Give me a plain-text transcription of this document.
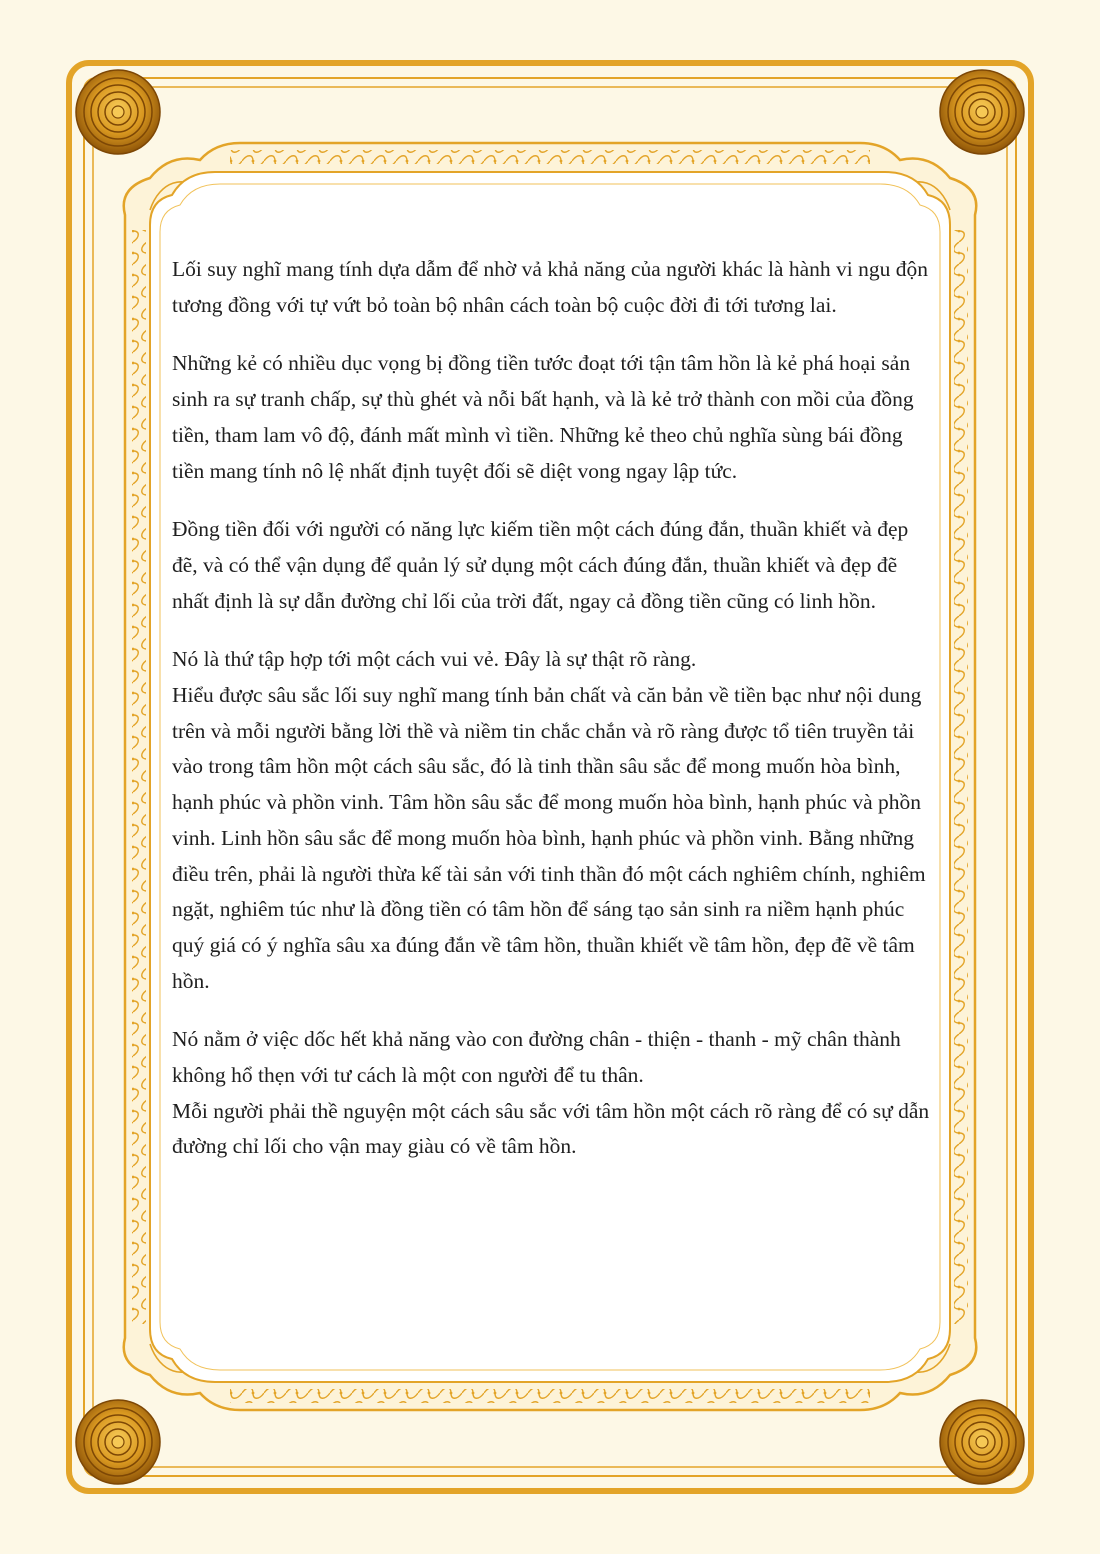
Lối suy nghĩ mang tính dựa dẫm để nhờ vả khả năng của người khác là hành vi ngu độn tương đồng với tự vứt bỏ toàn bộ nhân cách toàn bộ cuộc đời đi tới tương lai.

Những kẻ có nhiều dục vọng bị đồng tiền tước đoạt tới tận tâm hồn là kẻ phá hoại sản sinh ra sự tranh chấp, sự thù ghét và nỗi bất hạnh, và là kẻ trở thành con mồi của đồng tiền, tham lam vô độ, đánh mất mình vì tiền. Những kẻ theo chủ nghĩa sùng bái đồng tiền mang tính nô lệ nhất định tuyệt đối sẽ diệt vong ngay lập tức.

Đồng tiền đối với người có năng lực kiếm tiền một cách đúng đắn, thuần khiết và đẹp đẽ, và có thể vận dụng để quản lý sử dụng một cách đúng đắn, thuần khiết và đẹp đẽ nhất định là sự dẫn đường chỉ lối của trời đất, ngay cả đồng tiền cũng có linh hồn.

Nó là thứ tập hợp tới một cách vui vẻ. Đây là sự thật rõ ràng.
Hiểu được sâu sắc lối suy nghĩ mang tính bản chất và căn bản về tiền bạc như nội dung trên và mỗi người bằng lời thề và niềm tin chắc chắn và rõ ràng được tổ tiên truyền tải vào trong tâm hồn một cách sâu sắc, đó là tinh thần sâu sắc để mong muốn hòa bình, hạnh phúc và phồn vinh. Tâm hồn sâu sắc để mong muốn hòa bình, hạnh phúc và phồn vinh. Linh hồn sâu sắc để mong muốn hòa bình, hạnh phúc và phồn vinh. Bằng những điều trên, phải là người thừa kế tài sản với tinh thần đó một cách nghiêm chính, nghiêm ngặt, nghiêm túc như là đồng tiền có tâm hồn để sáng tạo sản sinh ra niềm hạnh phúc quý giá có ý nghĩa sâu xa đúng đắn về tâm hồn, thuần khiết về tâm hồn, đẹp đẽ về tâm hồn.

Nó nằm ở việc dốc hết khả năng vào con đường chân - thiện - thanh - mỹ chân thành không hổ thẹn với tư cách là một con người để tu thân.
Mỗi người phải thề nguyện một cách sâu sắc với tâm hồn một cách rõ ràng để có sự dẫn đường chỉ lối cho vận may giàu có về tâm hồn.
